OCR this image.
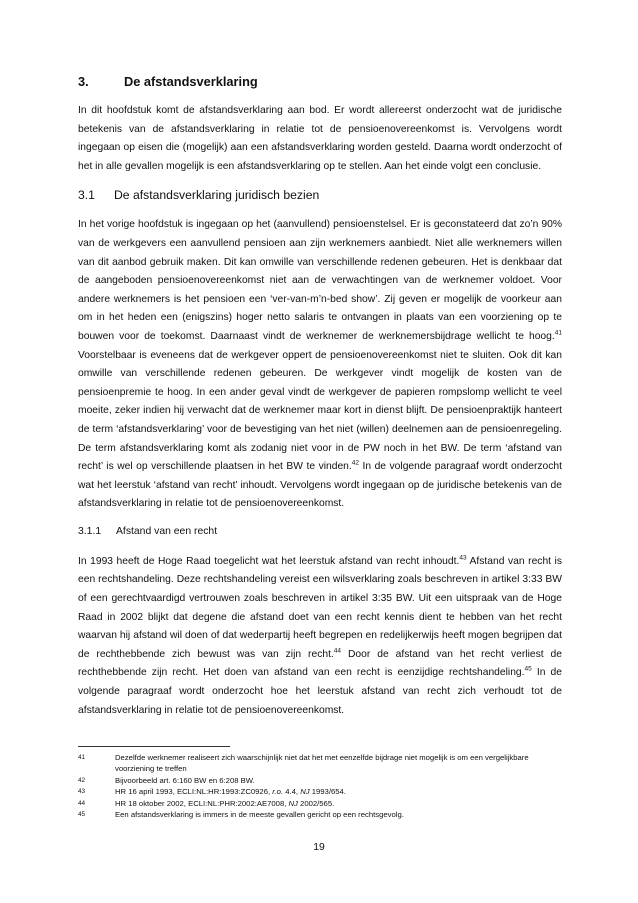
3.	De afstandsverklaring

In dit hoofdstuk komt de afstandsverklaring aan bod. Er wordt allereerst onderzocht wat de juridische betekenis van de afstandsverklaring in relatie tot de pensioenovereenkomst is. Vervolgens wordt ingegaan op eisen die (mogelijk) aan een afstandsverklaring worden gesteld. Daarna wordt onderzocht of het in alle gevallen mogelijk is een afstandsverklaring op te stellen. Aan het einde volgt een conclusie.

3.1	De afstandsverklaring juridisch bezien

In het vorige hoofdstuk is ingegaan op het (aanvullend) pensioenstelsel. Er is geconstateerd dat zo’n 90% van de werkgevers een aanvullend pensioen aan zijn werknemers aanbiedt. Niet alle werknemers willen van dit aanbod gebruik maken. Dit kan omwille van verschillende redenen gebeuren. Het is denkbaar dat de aangeboden pensioenovereenkomst niet aan de verwachtingen van de werknemer voldoet. Voor andere werknemers is het pensioen een ‘ver-van-m’n-bed show’. Zij geven er mogelijk de voorkeur aan om in het heden een (enigszins) hoger netto salaris te ontvangen in plaats van een voorziening op te bouwen voor de toekomst. Daarnaast vindt de werknemer de werknemersbijdrage wellicht te hoog.$^{41}$ Voorstelbaar is eveneens dat de werkgever oppert de pensioenovereenkomst niet te sluiten. Ook dit kan omwille van verschillende redenen gebeuren. De werkgever vindt mogelijk de kosten van de pensioenpremie te hoog. In een ander geval vindt de werkgever de papieren rompslomp wellicht te veel moeite, zeker indien hij verwacht dat de werknemer maar kort in dienst blijft. De pensioenpraktijk hanteert de term ‘afstandsverklaring’ voor de bevestiging van het niet (willen) deelnemen aan de pensioenregeling. De term afstandsverklaring komt als zodanig niet voor in de PW noch in het BW. De term ‘afstand van recht’ is wel op verschillende plaatsen in het BW te vinden.$^{42}$ In de volgende paragraaf wordt onderzocht wat het leerstuk ‘afstand van recht’ inhoudt. Vervolgens wordt ingegaan op de juridische betekenis van de afstandsverklaring in relatie tot de pensioenovereenkomst.

3.1.1	Afstand van een recht

In 1993 heeft de Hoge Raad toegelicht wat het leerstuk afstand van recht inhoudt.$^{43}$ Afstand van recht is een rechtshandeling. Deze rechtshandeling vereist een wilsverklaring zoals beschreven in artikel 3:33 BW of een gerechtvaardigd vertrouwen zoals beschreven in artikel 3:35 BW. Uit een uitspraak van de Hoge Raad in 2002 blijkt dat degene die afstand doet van een recht kennis dient te hebben van het recht waarvan hij afstand wil doen of dat wederpartij heeft begrepen en redelijkerwijs heeft mogen begrijpen dat de rechthebbende zich bewust was van zijn recht.$^{44}$ Door de afstand van het recht verliest de rechthebbende zijn recht. Het doen van afstand van een recht is eenzijdige rechtshandeling.$^{45}$ In de volgende paragraaf wordt onderzocht hoe het leerstuk afstand van recht zich verhoudt tot de afstandsverklaring in relatie tot de pensioenovereenkomst.

41	Dezelfde werknemer realiseert zich waarschijnlijk niet dat het met eenzelfde bijdrage niet mogelijk is om een vergelijkbare voorziening te treffen
42	Bijvoorbeeld art. 6:160 BW en 6:208 BW.
43	HR 16 april 1993, ECLI:NL:HR:1993:ZC0926, r.o. 4.4, NJ 1993/654.
44	HR 18 oktober 2002, ECLI:NL:PHR:2002:AE7008, NJ 2002/565.
45	Een afstandsverklaring is immers in de meeste gevallen gericht op een rechtsgevolg.
19
